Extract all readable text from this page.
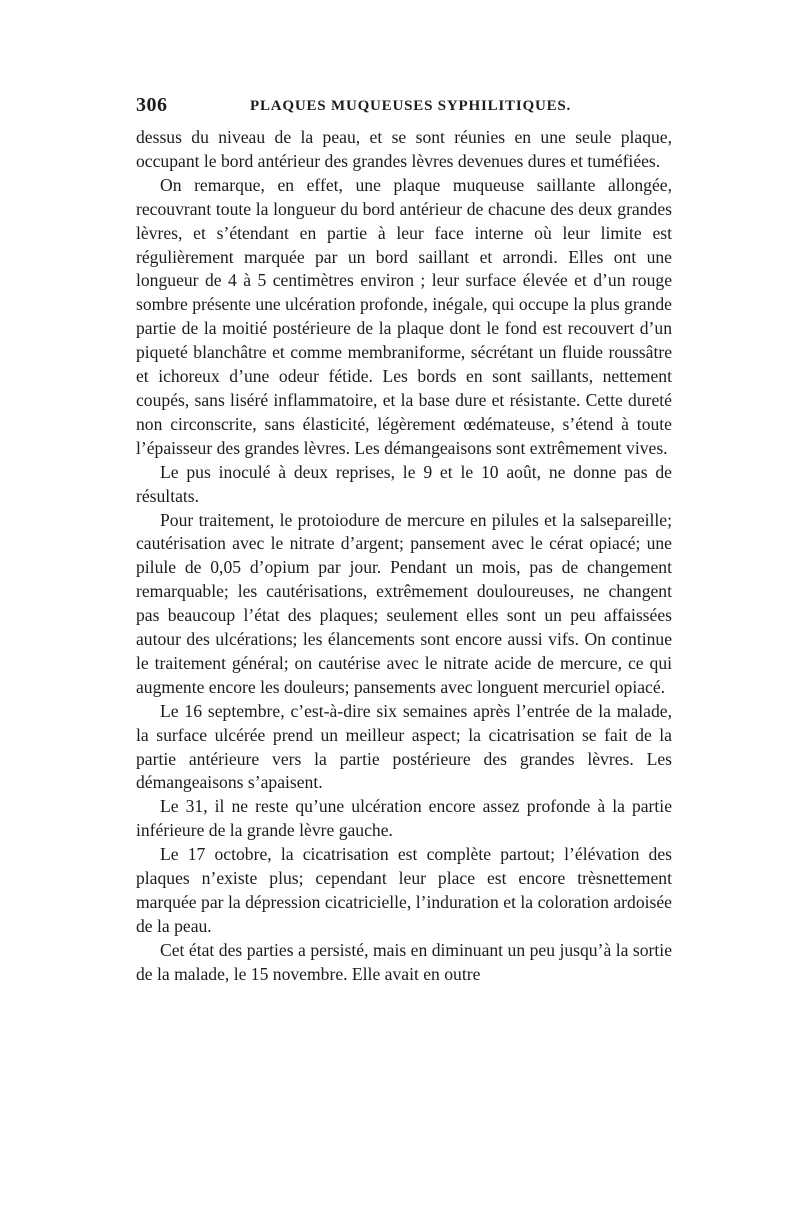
306	PLAQUES MUQUEUSES SYPHILITIQUES.

dessus du niveau de la peau, et se sont réunies en une seule plaque, occupant le bord antérieur des grandes lèvres devenues dures et tuméfiées.

On remarque, en effet, une plaque muqueuse saillante allongée, recouvrant toute la longueur du bord antérieur de chacune des deux grandes lèvres, et s’étendant en partie à leur face interne où leur limite est régulièrement marquée par un bord saillant et arrondi. Elles ont une longueur de 4 à 5 centimètres environ ; leur surface élevée et d’un rouge sombre présente une ulcération profonde, inégale, qui occupe la plus grande partie de la moitié postérieure de la plaque dont le fond est recouvert d’un piqueté blanchâtre et comme membraniforme, sécrétant un fluide roussâtre et ichoreux d’une odeur fétide. Les bords en sont saillants, nettement coupés, sans liséré inflammatoire, et la base dure et résistante. Cette dureté non circonscrite, sans élasticité, légèrement œdémateuse, s’étend à toute l’épaisseur des grandes lèvres. Les démangeaisons sont extrêmement vives.

Le pus inoculé à deux reprises, le 9 et le 10 août, ne donne pas de résultats.

Pour traitement, le protoiodure de mercure en pilules et la salsepareille; cautérisation avec le nitrate d’argent; pansement avec le cérat opiacé; une pilule de 0,05 d’opium par jour. Pendant un mois, pas de changement remarquable; les cautérisations, extrêmement douloureuses, ne changent pas beaucoup l’état des plaques; seulement elles sont un peu affaissées autour des ulcérations; les élancements sont encore aussi vifs. On continue le traitement général; on cautérise avec le nitrate acide de mercure, ce qui augmente encore les douleurs; pansements avec longuent mercuriel opiacé.

Le 16 septembre, c’est-à-dire six semaines après l’entrée de la malade, la surface ulcérée prend un meilleur aspect; la cicatrisation se fait de la partie antérieure vers la partie postérieure des grandes lèvres. Les démangeaisons s’apaisent.

Le 31, il ne reste qu’une ulcération encore assez profonde à la partie inférieure de la grande lèvre gauche.

Le 17 octobre, la cicatrisation est complète partout; l’élévation des plaques n’existe plus; cependant leur place est encore trèsnettement marquée par la dépression cicatricielle, l’induration et la coloration ardoisée de la peau.

Cet état des parties a persisté, mais en diminuant un peu jusqu’à la sortie de la malade, le 15 novembre. Elle avait en outre
